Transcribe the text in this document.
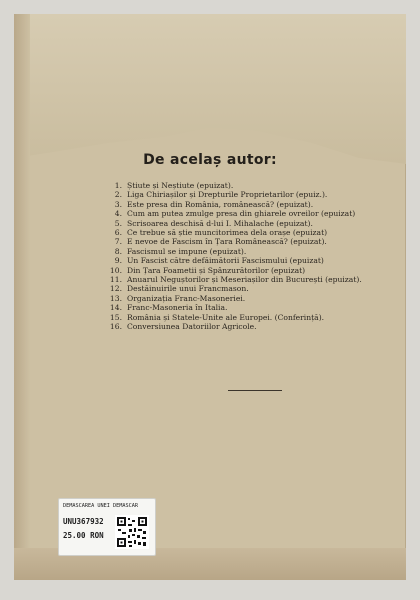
De acelaș autor:
1. Știute și Neștiute (epuizat).
2. Liga Chiriașilor și Drepturile Proprietarilor (epuiz.).
3. Este presa din România, românească? (epuizat).
4. Cum am putea zmulge presa din ghiarele ovreilor (epuizat)
5. Scrisoarea deschisă d-lui I. Mihalache (epuizat).
6. Ce trebue să știe muncitorimea dela orașe (epuizat)
7. E nevoe de Fascism în Țara Românească? (epuizat).
8. Fascismul se impune (epuizat).
9. Un Fascist către defăimătorii Fascismului (epuizat)
10. Din Țara Foametii și Spânzurătorilor (epuizat)
11. Anuarul Neguștorilor și Meseriașilor din București (epuizat).
12. Destăinuirile unui Francmason.
13. Organizația Franc-Masoneriei.
14. Franc-Masoneria în Italia.
15. România și Statele-Unite ale Europei. (Conferință).
16. Conversiunea Datoriilor Agricole.
DEMASCAREA UNEI DEMASCAR
UNU367932
25.00 RON
